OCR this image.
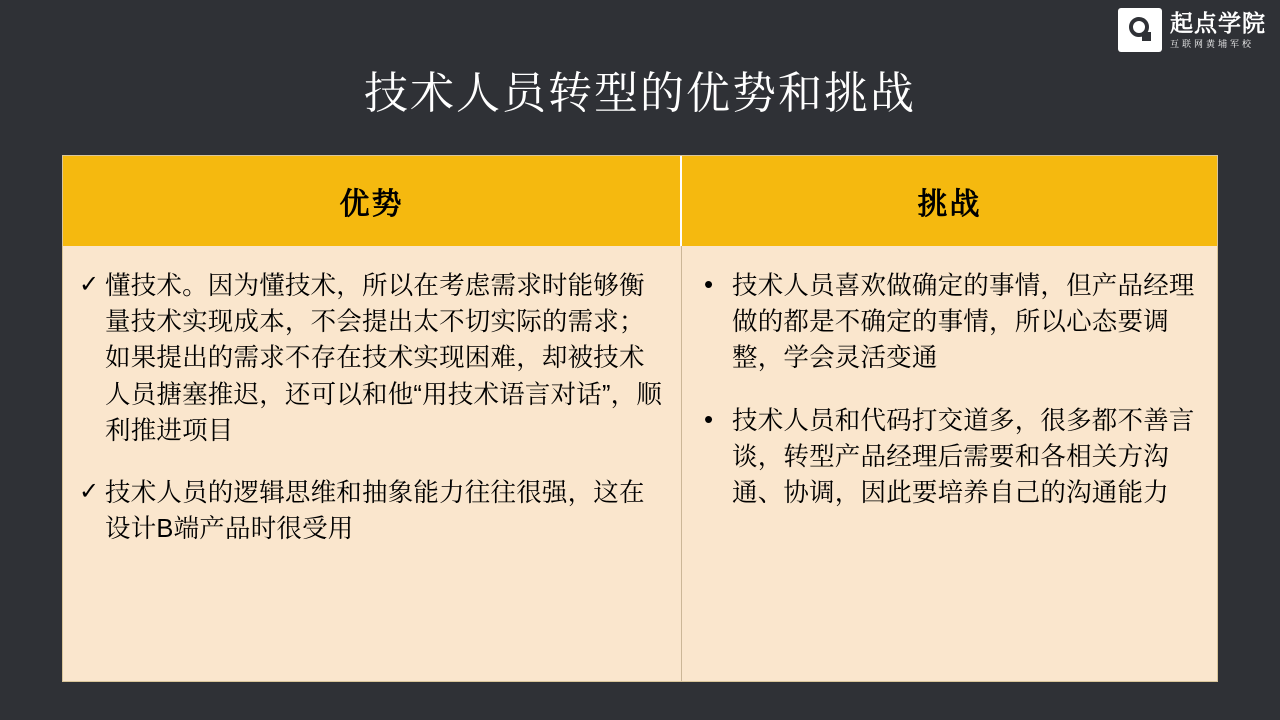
起点学院
互联网黄埔军校
技术人员转型的优势和挑战
优势	挑战
✓ 懂技术。因为懂技术，所以在考虑需求时能够衡量技术实现成本，不会提出太不切实际的需求；如果提出的需求不存在技术实现困难，却被技术人员搪塞推迟，还可以和他“用技术语言对话”，顺利推进项目
✓ 技术人员的逻辑思维和抽象能力往往很强，这在设计B端产品时很受用
• 技术人员喜欢做确定的事情，但产品经理做的都是不确定的事情，所以心态要调整，学会灵活变通
• 技术人员和代码打交道多，很多都不善言谈，转型产品经理后需要和各相关方沟通、协调，因此要培养自己的沟通能力
